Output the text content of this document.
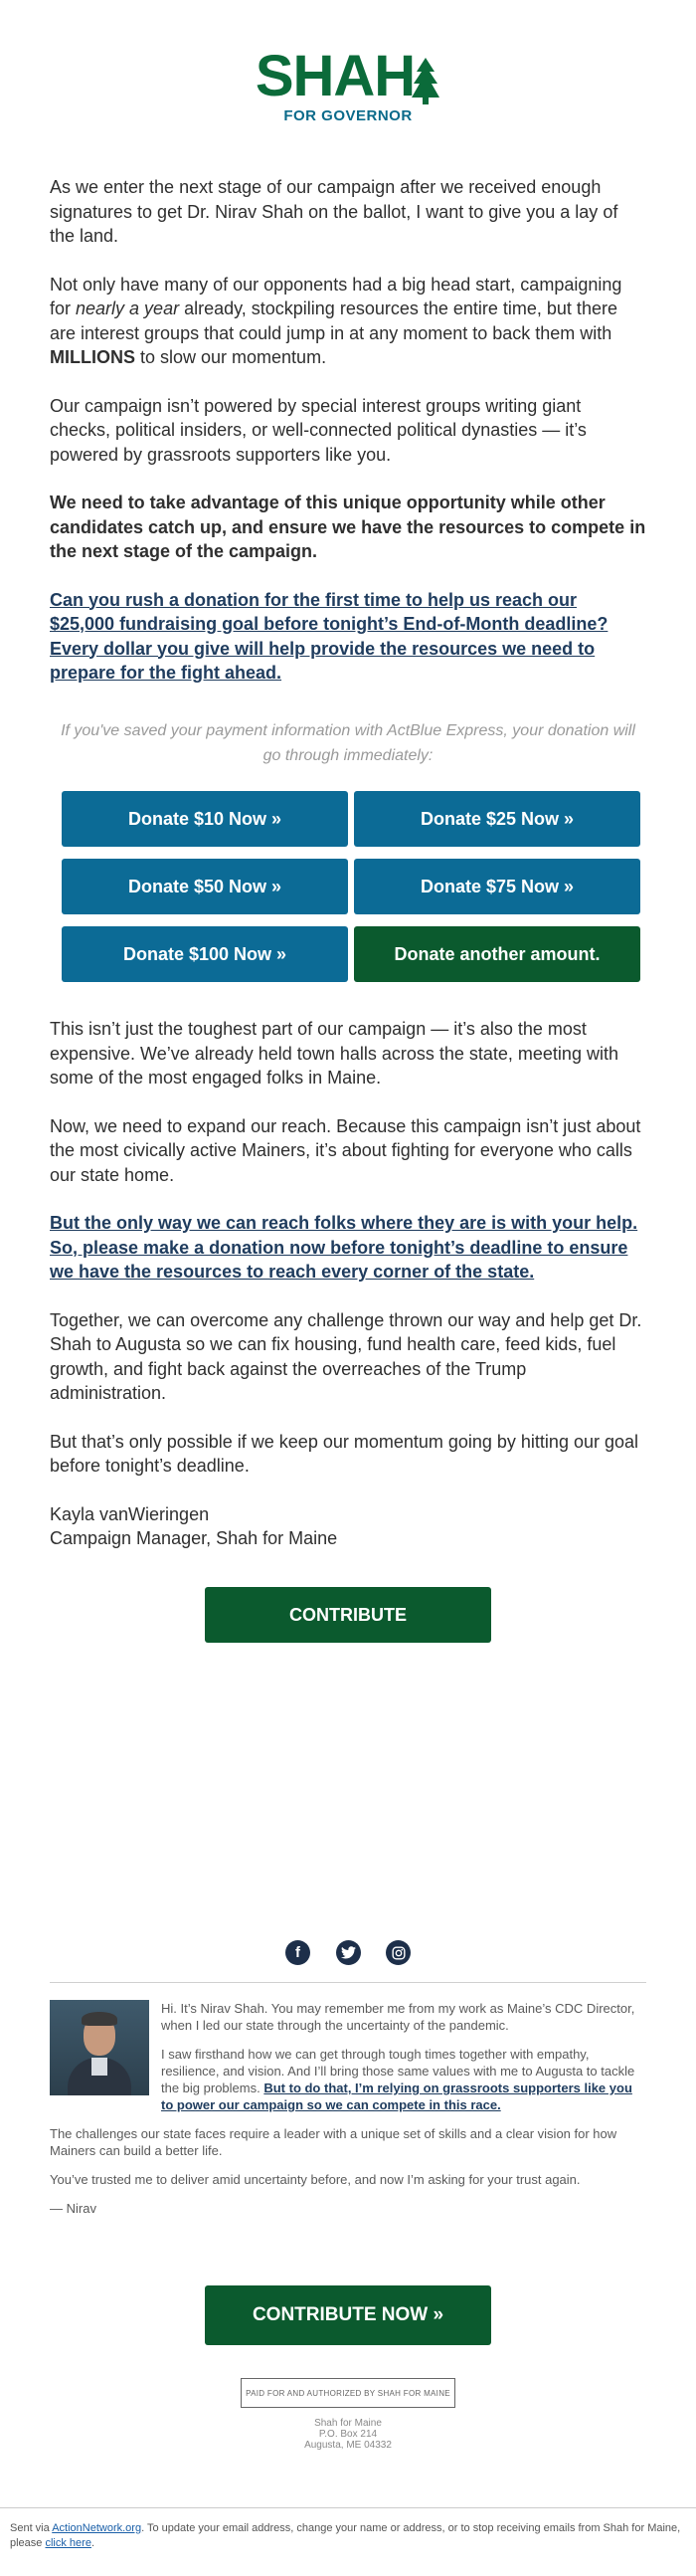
SHAH
FOR GOVERNOR

As we enter the next stage of our campaign after we received enough signatures to get Dr. Nirav Shah on the ballot, I want to give you a lay of the land.

Not only have many of our opponents had a big head start, campaigning for nearly a year already, stockpiling resources the entire time, but there are interest groups that could jump in at any moment to back them with MILLIONS to slow our momentum.

Our campaign isn’t powered by special interest groups writing giant checks, political insiders, or well-connected political dynasties — it’s powered by grassroots supporters like you.

We need to take advantage of this unique opportunity while other candidates catch up, and ensure we have the resources to compete in the next stage of the campaign.

Can you rush a donation for the first time to help us reach our $25,000 fundraising goal before tonight’s End-of-Month deadline? Every dollar you give will help provide the resources we need to prepare for the fight ahead.

If you've saved your payment information with ActBlue Express, your donation will go through immediately:
Donate $10 Now »	Donate $25 Now »
Donate $50 Now »	Donate $75 Now »
Donate $100 Now »	Donate another amount.

This isn’t just the toughest part of our campaign — it’s also the most expensive. We’ve already held town halls across the state, meeting with some of the most engaged folks in Maine.

Now, we need to expand our reach. Because this campaign isn’t just about the most civically active Mainers, it’s about fighting for everyone who calls our state home.

But the only way we can reach folks where they are is with your help. So, please make a donation now before tonight’s deadline to ensure we have the resources to reach every corner of the state.

Together, we can overcome any challenge thrown our way and help get Dr. Shah to Augusta so we can fix housing, fund health care, feed kids, fuel growth, and fight back against the overreaches of the Trump administration.

But that’s only possible if we keep our momentum going by hitting our goal before tonight’s deadline.

Kayla vanWieringen

Campaign Manager, Shah for Maine

CONTRIBUTE
f

Hi. It’s Nirav Shah. You may remember me from my work as Maine’s CDC Director, when I led our state through the uncertainty of the pandemic.

I saw firsthand how we can get through tough times together with empathy, resilience, and vision. And I’ll bring those same values with me to Augusta to tackle the big problems. But to do that, I’m relying on grassroots supporters like you to power our campaign so we can compete in this race.

The challenges our state faces require a leader with a unique set of skills and a clear vision for how Mainers can build a better life.

You’ve trusted me to deliver amid uncertainty before, and now I’m asking for your trust again.

— Nirav

CONTRIBUTE NOW »
PAID FOR AND AUTHORIZED BY SHAH FOR MAINE
Shah for Maine
P.O. Box 214
Augusta, ME 04332
Sent via ActionNetwork.org. To update your email address, change your name or address, or to stop receiving emails from Shah for Maine, please click here.
